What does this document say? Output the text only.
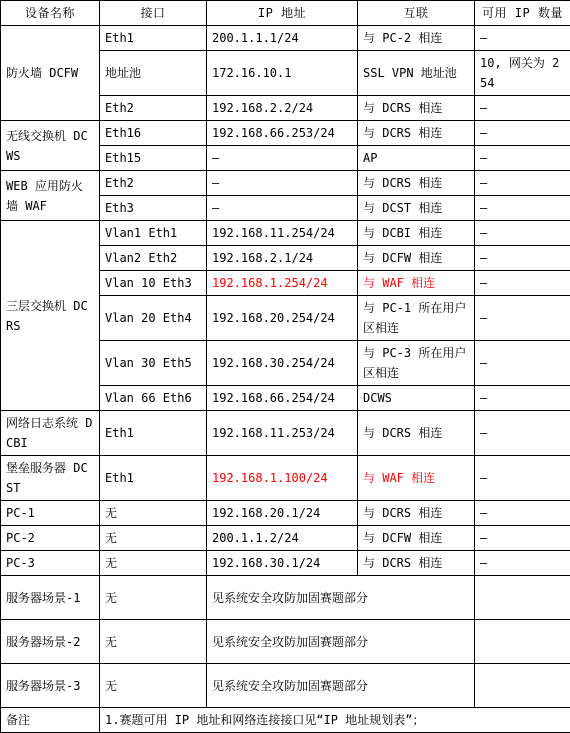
设备名称	接口	IP 地址	互联	可用 IP 数量
防火墙 DCFW	Eth1	200.1.1.1/24	与 PC-2 相连	–
	地址池	172.16.10.1	SSL VPN 地址池	10, 网关为 254
	Eth2	192.168.2.2/24	与 DCRS 相连	–
无线交换机 DCWS	Eth16	192.168.66.253/24	与 DCRS 相连	–
	Eth15	–	AP	–
WEB 应用防火墙 WAF	Eth2	–	与 DCRS 相连	–
	Eth3	–	与 DCST 相连	–
三层交换机 DCRS	Vlan1 Eth1	192.168.11.254/24	与 DCBI 相连	–
	Vlan2 Eth2	192.168.2.1/24	与 DCFW 相连	–
	Vlan 10 Eth3	192.168.1.254/24	与 WAF 相连	–
	Vlan 20 Eth4	192.168.20.254/24	与 PC-1 所在用户区相连	–
	Vlan 30 Eth5	192.168.30.254/24	与 PC-3 所在用户区相连	–
	Vlan 66 Eth6	192.168.66.254/24	DCWS	–
网络日志系统 DCBI	Eth1	192.168.11.253/24	与 DCRS 相连	–
堡垒服务器 DCST	Eth1	192.168.1.100/24	与 WAF 相连	–
PC-1	无	192.168.20.1/24	与 DCRS 相连	–
PC-2	无	200.1.1.2/24	与 DCFW 相连	–
PC-3	无	192.168.30.1/24	与 DCRS 相连	–
服务器场景-1	无	见系统安全攻防加固赛题部分		
服务器场景-2	无	见系统安全攻防加固赛题部分		
服务器场景-3	无	见系统安全攻防加固赛题部分		
备注	1.赛题可用 IP 地址和网络连接接口见“IP 地址规划表”；			
